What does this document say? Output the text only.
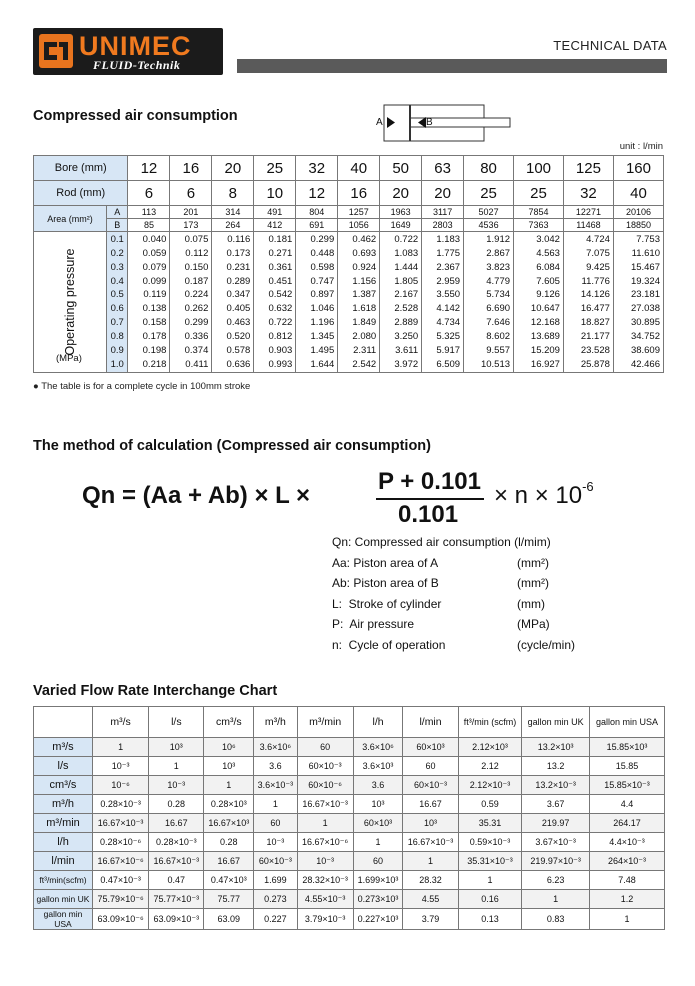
UNIMEC
FLUID-Technik
TECHNICAL DATA
Compressed air consumption	A	B
unit : l/min
Bore (mm)		12	16	20	25	32	40	50	63	80	100	125	160
Rod (mm)		6	6	8	10	12	16	20	20	25	25	32	40
Area (mm²)	A	113	201	314	491	804	1257	1963	3117	5027	7854	12271	20106
	B	85	173	264	412	691	1056	1649	2803	4536	7363	11468	18850

Operating pressure
(MPa)	0.1	0.040	0.075	0.116	0.181	0.299	0.462	0.722	1.183	1.912	3.042	4.724	7.753
	0.2	0.059	0.112	0.173	0.271	0.448	0.693	1.083	1.775	2.867	4.563	7.075	11.610
	0.3	0.079	0.150	0.231	0.361	0.598	0.924	1.444	2.367	3.823	6.084	9.425	15.467
	0.4	0.099	0.187	0.289	0.451	0.747	1.156	1.805	2.959	4.779	7.605	11.776	19.324
	0.5	0.119	0.224	0.347	0.542	0.897	1.387	2.167	3.550	5.734	9.126	14.126	23.181
	0.6	0.138	0.262	0.405	0.632	1.046	1.618	2.528	4.142	6.690	10.647	16.477	27.038
	0.7	0.158	0.299	0.463	0.722	1.196	1.849	2.889	4.734	7.646	12.168	18.827	30.895
	0.8	0.178	0.336	0.520	0.812	1.345	2.080	3.250	5.325	8.602	13.689	21.177	34.752
	0.9	0.198	0.374	0.578	0.903	1.495	2.311	3.611	5.917	9.557	15.209	23.528	38.609
	1.0	0.218	0.411	0.636	0.993	1.644	2.542	3.972	6.509	10.513	16.927	25.878	42.466
● The table is for a complete cycle in 100mm stroke
The method of calculation (Compressed air consumption)
Qn = (Aa + Ab) × L ×
P + 0.101
0.101
× $n \times 10^{-6}$
Qn: Compressed air consumption (l/mim)
Aa: Piston area of A	(mm²)
Ab: Piston area of B	(mm²)
L:  Stroke of cylinder	(mm)
P:  Air pressure	(MPa)
n:  Cycle of operation	(cycle/min)
Varied Flow Rate Interchange Chart
	m³/s	l/s	cm³/s	m³/h	m³/min	l/h	l/min	ft³/min (scfm)	gallon min UK	gallon min USA
m³/s	1	10³	10⁶	3.6×10⁶	60	3.6×10⁶	60×10³	2.12×10³	13.2×10³	15.85×10³
l/s	10⁻³	1	10³	3.6	60×10⁻³	3.6×10³	60	2.12	13.2	15.85
cm³/s	10⁻⁶	10⁻³	1	3.6×10⁻³	60×10⁻⁶	3.6	60×10⁻³	2.12×10⁻³	13.2×10⁻³	15.85×10⁻³
m³/h	0.28×10⁻³	0.28	0.28×10³	1	16.67×10⁻³	10³	16.67	0.59	3.67	4.4
m³/min	16.67×10⁻³	16.67	16.67×10³	60	1	60×10³	10³	35.31	219.97	264.17
l/h	0.28×10⁻⁶	0.28×10⁻³	0.28	10⁻³	16.67×10⁻⁶	1	16.67×10⁻³	0.59×10⁻³	3.67×10⁻³	4.4×10⁻³
l/min	16.67×10⁻⁶	16.67×10⁻³	16.67	60×10⁻³	10⁻³	60	1	35.31×10⁻³	219.97×10⁻³	264×10⁻³
ft³/min(scfm)	0.47×10⁻³	0.47	0.47×10³	1.699	28.32×10⁻³	1.699×10³	28.32	1	6.23	7.48
gallon min UK	75.79×10⁻⁶	75.77×10⁻³	75.77	0.273	4.55×10⁻³	0.273×10³	4.55	0.16	1	1.2
gallon min USA	63.09×10⁻⁶	63.09×10⁻³	63.09	0.227	3.79×10⁻³	0.227×10³	3.79	0.13	0.83	1
